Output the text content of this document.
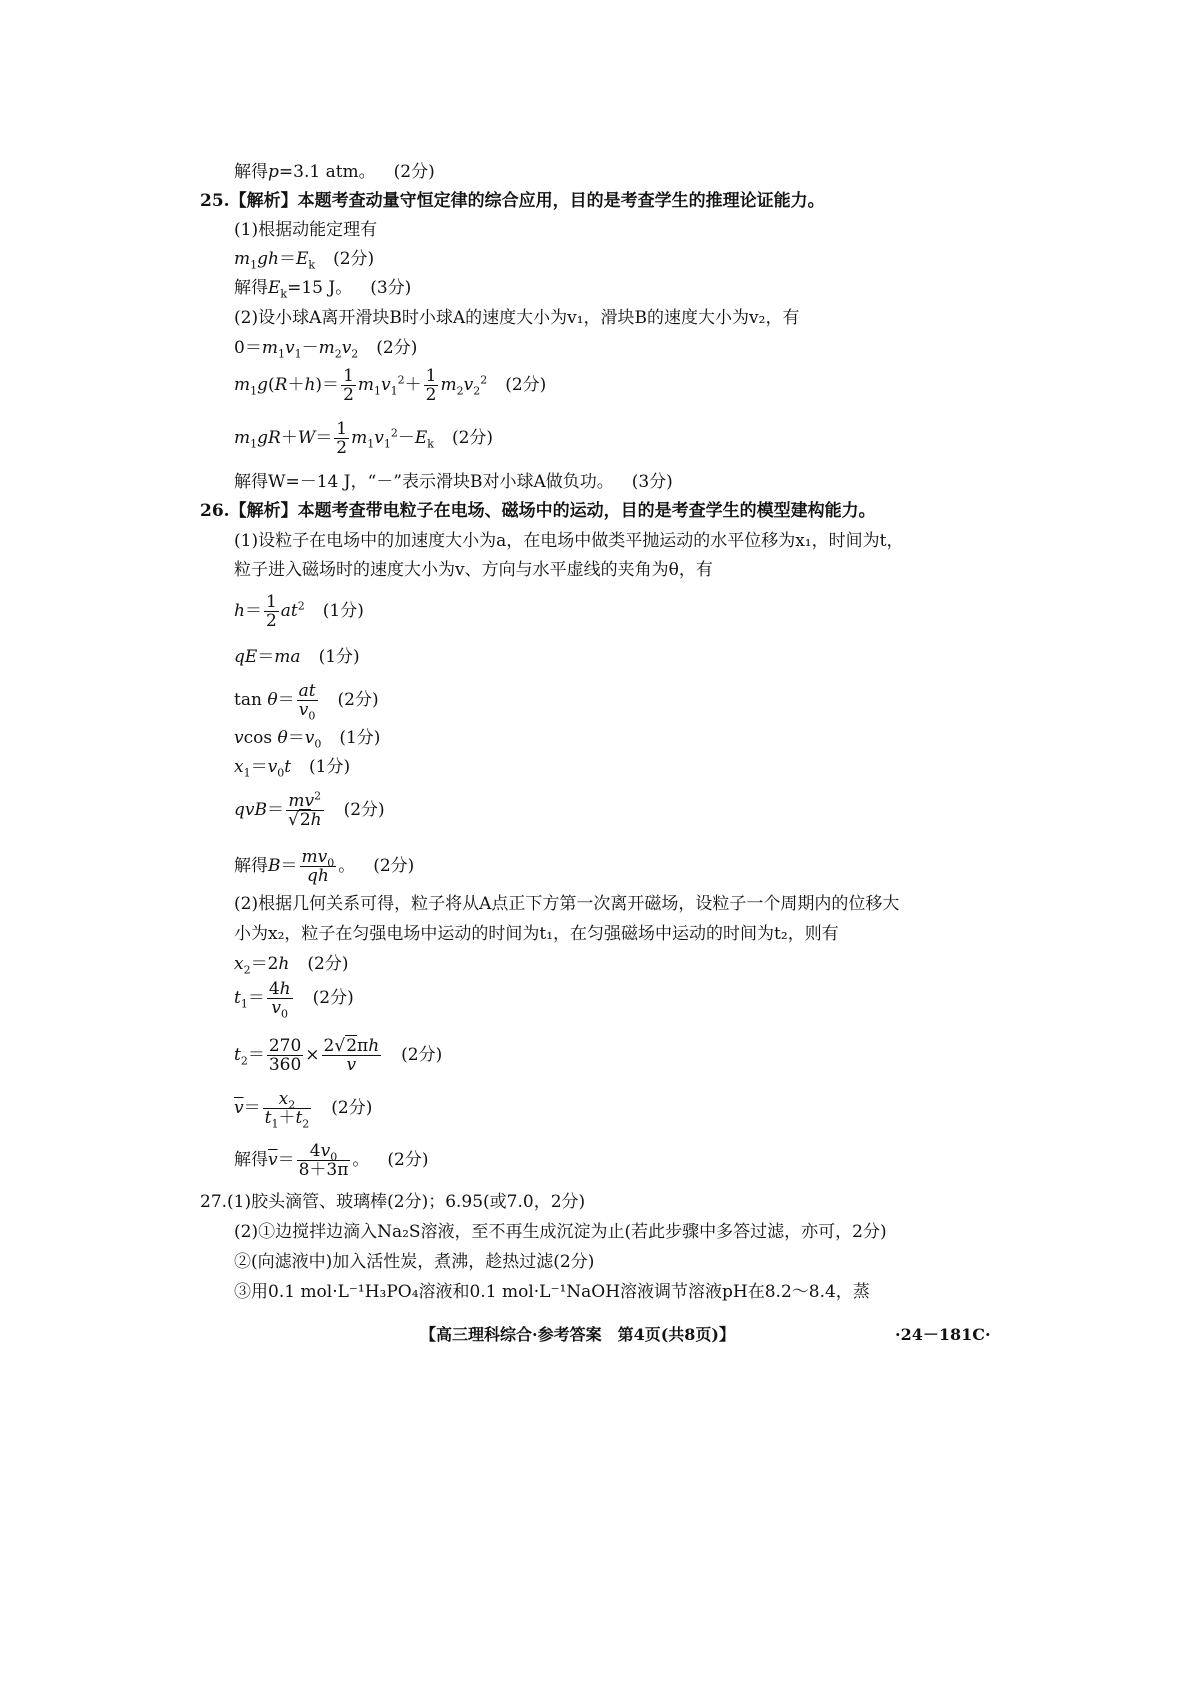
解得p=3.1 atm。 (2分)
25.【解析】本题考查动量守恒定律的综合应用，目的是考查学生的推理论证能力。
(1)根据动能定理有
$m_1gh=E_k$ (2分)
解得$E_k=15$ J。 (3分)
(2)设小球A离开滑块B时小球A的速度大小为v₁，滑块B的速度大小为v₂，有
$0=m_1v_1-m_2v_2$ (2分)
$m_1g(R+h)= \frac{1}{2} m_1v_1^2+ \frac{1}{2} m_2v_2^2$ (2分)
$m_1gR+W= \frac{1}{2} m_1v_1^2-E_k$ (2分)
解得W=－14 J，“－”表示滑块B对小球A做负功。 (3分)
26.【解析】本题考查带电粒子在电场、磁场中的运动，目的是考查学生的模型建构能力。
(1)设粒子在电场中的加速度大小为a，在电场中做类平抛运动的水平位移为x₁，时间为t，
粒子进入磁场时的速度大小为v、方向与水平虚线的夹角为θ，有
$h= \frac{1}{2} at^2$ (1分)
qE＝ma (1分)
$\tan \theta= \frac{at}{v_0} (2$分)
vcos $\theta=v_0$ (1分)
$x_1=v_0t$ (1分)
$qvB= \frac{mv^2}{√2h} (2$分)
解得$B= \frac{mv_0}{qh}$ 。 (2分)
(2)根据几何关系可得，粒子将从A点正下方第一次离开磁场，设粒子一个周期内的位移大
小为x₂，粒子在匀强电场中运动的时间为t₁，在匀强磁场中运动的时间为t₂，则有
$x_2=2h$ (2分)
$t_1= \frac{4h}{v_0} (2$分)
$t_2= \frac{270}{360} \times \frac{2√2\pi h}{v} (2$分)
$\overline{v}= \frac{x_2}{t_1+t_2} (2$分)
解得$\overline{v}= \frac{4v_0}{8+3\pi}$ 。 (2分)
27.(1)胶头滴管、玻璃棒(2分)；6.95(或7.0，2分)
(2)①边搅拌边滴入Na₂S溶液，至不再生成沉淀为止(若此步骤中多答过滤，亦可，2分)
②(向滤液中)加入活性炭，煮沸，趁热过滤(2分)
③用0.1 mol·L⁻¹H₃PO₄溶液和0.1 mol·L⁻¹NaOH溶液调节溶液pH在8.2～8.4，蒸
【高三理科综合·参考答案　第4页(共8页)】	·24－181C·
